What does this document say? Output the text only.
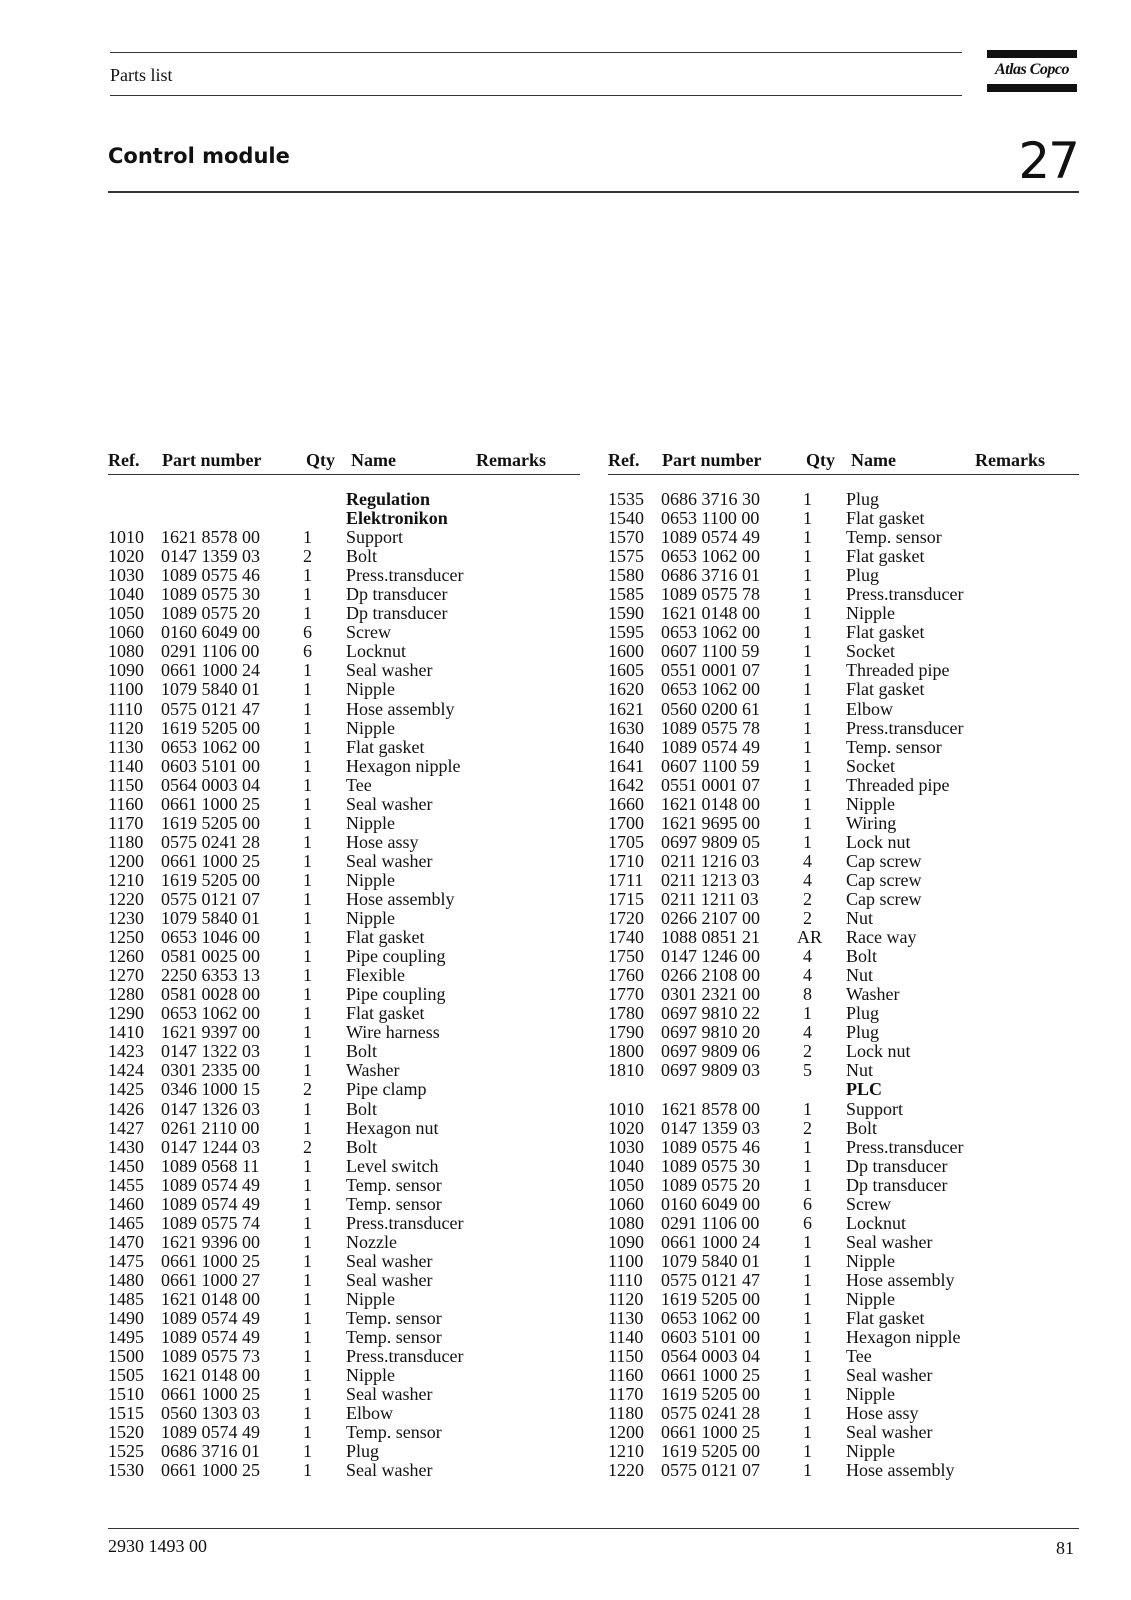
Parts list	Atlas Copco
Control module	27
Ref. Part number Qty Name	Remarks	Ref. Part number Qty Name	Remarks
Regulation
Elektronikon
1010 1621 8578 00 1 Support
1020 0147 1359 03 2 Bolt
1030 1089 0575 46 1 Press.transducer
1040 1089 0575 30 1 Dp transducer
1050 1089 0575 20 1 Dp transducer
1060 0160 6049 00 6 Screw
1080 0291 1106 00 6 Locknut
1090 0661 1000 24 1 Seal washer
1100 1079 5840 01 1 Nipple
1110 0575 0121 47 1 Hose assembly
1120 1619 5205 00 1 Nipple
1130 0653 1062 00 1 Flat gasket
1140 0603 5101 00 1 Hexagon nipple
1150 0564 0003 04 1 Tee
1160 0661 1000 25 1 Seal washer
1170 1619 5205 00 1 Nipple
1180 0575 0241 28 1 Hose assy
1200 0661 1000 25 1 Seal washer
1210 1619 5205 00 1 Nipple
1220 0575 0121 07 1 Hose assembly
1230 1079 5840 01 1 Nipple
1250 0653 1046 00 1 Flat gasket
1260 0581 0025 00 1 Pipe coupling
1270 2250 6353 13 1 Flexible
1280 0581 0028 00 1 Pipe coupling
1290 0653 1062 00 1 Flat gasket
1410 1621 9397 00 1 Wire harness
1423 0147 1322 03 1 Bolt
1424 0301 2335 00 1 Washer
1425 0346 1000 15 2 Pipe clamp
1426 0147 1326 03 1 Bolt
1427 0261 2110 00 1 Hexagon nut
1430 0147 1244 03 2 Bolt
1450 1089 0568 11 1 Level switch
1455 1089 0574 49 1 Temp. sensor
1460 1089 0574 49 1 Temp. sensor
1465 1089 0575 74 1 Press.transducer
1470 1621 9396 00 1 Nozzle
1475 0661 1000 25 1 Seal washer
1480 0661 1000 27 1 Seal washer
1485 1621 0148 00 1 Nipple
1490 1089 0574 49 1 Temp. sensor
1495 1089 0574 49 1 Temp. sensor
1500 1089 0575 73 1 Press.transducer
1505 1621 0148 00 1 Nipple
1510 0661 1000 25 1 Seal washer
1515 0560 1303 03 1 Elbow
1520 1089 0574 49 1 Temp. sensor
1525 0686 3716 01 1 Plug
1530 0661 1000 25 1 Seal washer
1535 0686 3716 30 1 Plug
1540 0653 1100 00 1 Flat gasket
1570 1089 0574 49 1 Temp. sensor
1575 0653 1062 00 1 Flat gasket
1580 0686 3716 01 1 Plug
1585 1089 0575 78 1 Press.transducer
1590 1621 0148 00 1 Nipple
1595 0653 1062 00 1 Flat gasket
1600 0607 1100 59 1 Socket
1605 0551 0001 07 1 Threaded pipe
1620 0653 1062 00 1 Flat gasket
1621 0560 0200 61 1 Elbow
1630 1089 0575 78 1 Press.transducer
1640 1089 0574 49 1 Temp. sensor
1641 0607 1100 59 1 Socket
1642 0551 0001 07 1 Threaded pipe
1660 1621 0148 00 1 Nipple
1700 1621 9695 00 1 Wiring
1705 0697 9809 05 1 Lock nut
1710 0211 1216 03 4 Cap screw
1711 0211 1213 03 4 Cap screw
1715 0211 1211 03 2 Cap screw
1720 0266 2107 00 2 Nut
1740 1088 0851 21 AR Race way
1750 0147 1246 00 4 Bolt
1760 0266 2108 00 4 Nut
1770 0301 2321 00 8 Washer
1780 0697 9810 22 1 Plug
1790 0697 9810 20 4 Plug
1800 0697 9809 06 2 Lock nut
1810 0697 9809 03 5 Nut
PLC
1010 1621 8578 00 1 Support
1020 0147 1359 03 2 Bolt
1030 1089 0575 46 1 Press.transducer
1040 1089 0575 30 1 Dp transducer
1050 1089 0575 20 1 Dp transducer
1060 0160 6049 00 6 Screw
1080 0291 1106 00 6 Locknut
1090 0661 1000 24 1 Seal washer
1100 1079 5840 01 1 Nipple
1110 0575 0121 47 1 Hose assembly
1120 1619 5205 00 1 Nipple
1130 0653 1062 00 1 Flat gasket
1140 0603 5101 00 1 Hexagon nipple
1150 0564 0003 04 1 Tee
1160 0661 1000 25 1 Seal washer
1170 1619 5205 00 1 Nipple
1180 0575 0241 28 1 Hose assy
1200 0661 1000 25 1 Seal washer
1210 1619 5205 00 1 Nipple
1220 0575 0121 07 1 Hose assembly
2930 1493 00	81
